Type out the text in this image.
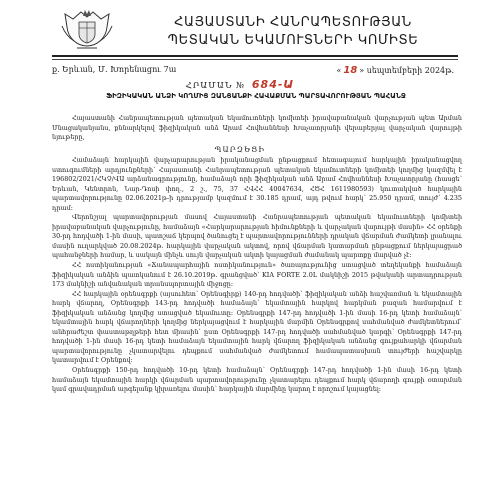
ՀԱՅԱՍՏԱՆԻ ՀԱՆՐԱՊԵՏՈՒԹՅԱՆ
ՊԵՏԱԿԱՆ ԵԿԱՄՈՒՏՆԵՐԻ ԿՈՄԻՏԵ
ք. Երևան, Մ. Խորենացու 7ա	« 18 » սեպտեմբերի 2024թ.
ՀՐԱՄԱՆ № 684-Ա
ՖԻԶԻԿԱԿԱՆ ԱՆՁԻ ԿՈՂՄԻՑ ԶԱՆՑԱՆՔԻ ՀԱՎԱՔՄԱՆ ՊԱՐՏԱՎՈՐՈՒԹՅԱՆ ՊԱՀԱՆՋ

Հայաստանի Հանրապետության պետական եկամուտների կոմիտեի իրավաբանական վարչության պետ Արման Մնացականյանս, քննարկելով ֆիզիկական անձ Արամ Հովհաննեսի Խաչատրյանի վերաբերյալ վարչական վարույթի նյութերը,

ՊԱՐԶԵՑԻ

Համաձայն հարկային վարչարարության իրականացման ընթացքում հետագայում հարկային իրականացվող ստուգումների արդյունքների՝ Հայաստանի Հանրապետության պետական եկամուտների կոմիտեի կողմից կազմվել է 196802/2021/ՀԿՉ/ՎԱ արձանագրությունը, համաձայն որի ֆիզիկական անձ Արամ Հովհաննեսի Խաչատրյանը (հասցե՝ Երևան, Կենտրոն, Նար-Դոսի փող., 2 շ., 75, 37 ՀՎՀՀ 40047634, ՀԾՀ 1611980593) կուտակված հարկային պարտավորությունը 02.06.2021թ-ի դրությամբ կազմում է 30.185 դրամ, այդ թվում հարկ՝ 25.950 դրամ, տույժ՝ 4.235 դրամ:

Վերոնշյալ պարտավորության մասով Հայաստանի Հանրապետության պետական եկամուտների կոմիտեի իրավաբանական վարչությունը, համաձայն «Հարկարարության հիմունքների և վարչական վարույթի մասին» ՀՀ օրենքի 30-րդ հոդվածի 1-ին մասի, պատշաճ կերպով ծանուցել է պարտավորությունների դրական վճարման ժամկետի լրանալու մասին ուղարկված 20.08.2024թ. հարկային վարչական ակտով, որով վճարման կատարման ընթացքում ներկայացրած պահանջների համար, և սակայն մինչև սույն վարչական ակտի կայացման ժամանակ պարտքը մարված չէ:

ՀՀ ոստիկանության «Ճանապարհային ոստիկանություն» ծառայությունից ստացված տեղեկանքի համաձայն ֆիզիկական անձին պատկանում է 26.10.2019թ. գրանցված՝ KIA FORTE 2.0L մակնիշի 2015 թվականի արտադրության 173 մակնիշի անվանական տրանսպորտային միջոցը:

ՀՀ հարկային օրենսգրքի (այսուհետ՝ Օրենսգիրք) 140-րդ հոդվածի՝ ֆիզիկական անձի հաշվառման և եկամտային հարկ վճարող, Օրենսգրքի 143-րդ հոդվածի համաձայն՝ եկամտային հարկով հարկման բազան համարվում է ֆիզիկական անձանց կողմից ստացված եկամուտը: Օրենսգրքի 147-րդ հոդվածի 1-ին մասի 16-րդ կետի համաձայն՝ եկամտային հարկ վճարողների կողմից ներկայացվում է հարկային մարմին Օրենսգրքով սահմանված ժամկետներում՝ անհրաժեշտ փաստաթղթերի հետ միասին՝ ըստ Օրենսգրքի 147-րդ հոդվածի սահմանված կարգի՝ Օրենսգրքի 147-րդ հոդվածի 1-ին մասի 16-րդ կետի համաձայն եկամտային հարկ վճարող ֆիզիկական անձանց գույքահարկի վճարման պարտավորությունը չկատարվելու դեպքում սահմանված ժամկետում համապատասխան տույժերի հաշվարկը կատարվում է Օրենքով:

Օրենսգրքի 150-րդ հոդվածի 10-րդ կետի համաձայն՝ Օրենսգրքի 147-րդ հոդվածի 1-ին մասի 16-րդ կետի համաձայն եկամտային հարկի վճարման պարտավորությունը չկատարելու դեպքում հարկ վճարողի գույքի օտարման կամ գրավադրման արգելանք կիրառելու մասին՝ հարկային մարմինը կարող է որոշում կայացնել:
